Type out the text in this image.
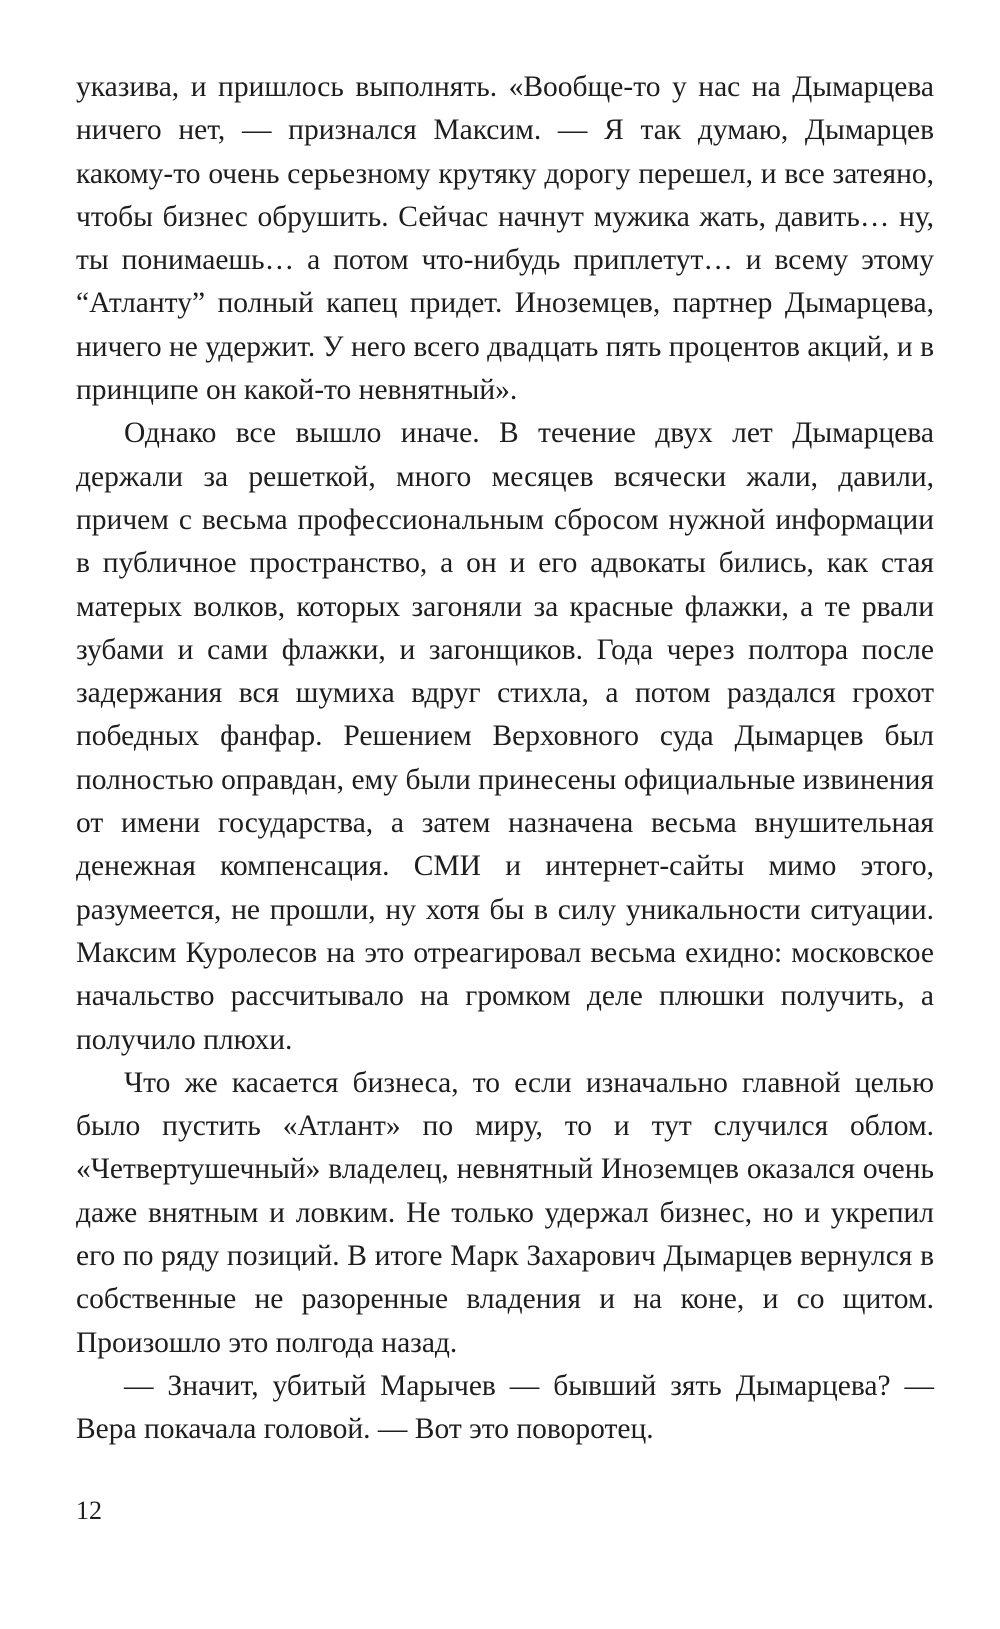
указива, и пришлось выполнять. «Вообще-то у нас на Дымарцева ничего нет, — признался Максим. — Я так думаю, Дымарцев какому-то очень серьезному крутяку дорогу перешел, и все затеяно, чтобы бизнес обрушить. Сейчас начнут мужика жать, давить… ну, ты понимаешь… а потом что-нибудь приплетут… и всему этому “Атланту” полный капец придет. Иноземцев, партнер Дымарцева, ничего не удержит. У него всего двадцать пять процентов акций, и в принципе он какой-то невнятный».

Однако все вышло иначе. В течение двух лет Дымарцева держали за решеткой, много месяцев всячески жали, давили, причем с весьма профессиональным сбросом нужной информации в публичное пространство, а он и его адвокаты бились, как стая матерых волков, которых загоняли за красные флажки, а те рвали зубами и сами флажки, и загонщиков. Года через полтора после задержания вся шумиха вдруг стихла, а потом раздался грохот победных фанфар. Решением Верховного суда Дымарцев был полностью оправдан, ему были принесены официальные извинения от имени государства, а затем назначена весьма внушительная денежная компенсация. СМИ и интернет-сайты мимо этого, разумеется, не прошли, ну хотя бы в силу уникальности ситуации. Максим Куролесов на это отреагировал весьма ехидно: московское начальство рассчитывало на громком деле плюшки получить, а получило плюхи.

Что же касается бизнеса, то если изначально главной целью было пустить «Атлант» по миру, то и тут случился облом. «Четвертушечный» владелец, невнятный Иноземцев оказался очень даже внятным и ловким. Не только удержал бизнес, но и укрепил его по ряду позиций. В итоге Марк Захарович Дымарцев вернулся в собственные не разоренные владения и на коне, и со щитом. Произошло это полгода назад.

— Значит, убитый Марычев — бывший зять Дымарцева? — Вера покачала головой. — Вот это поворотец.

12
